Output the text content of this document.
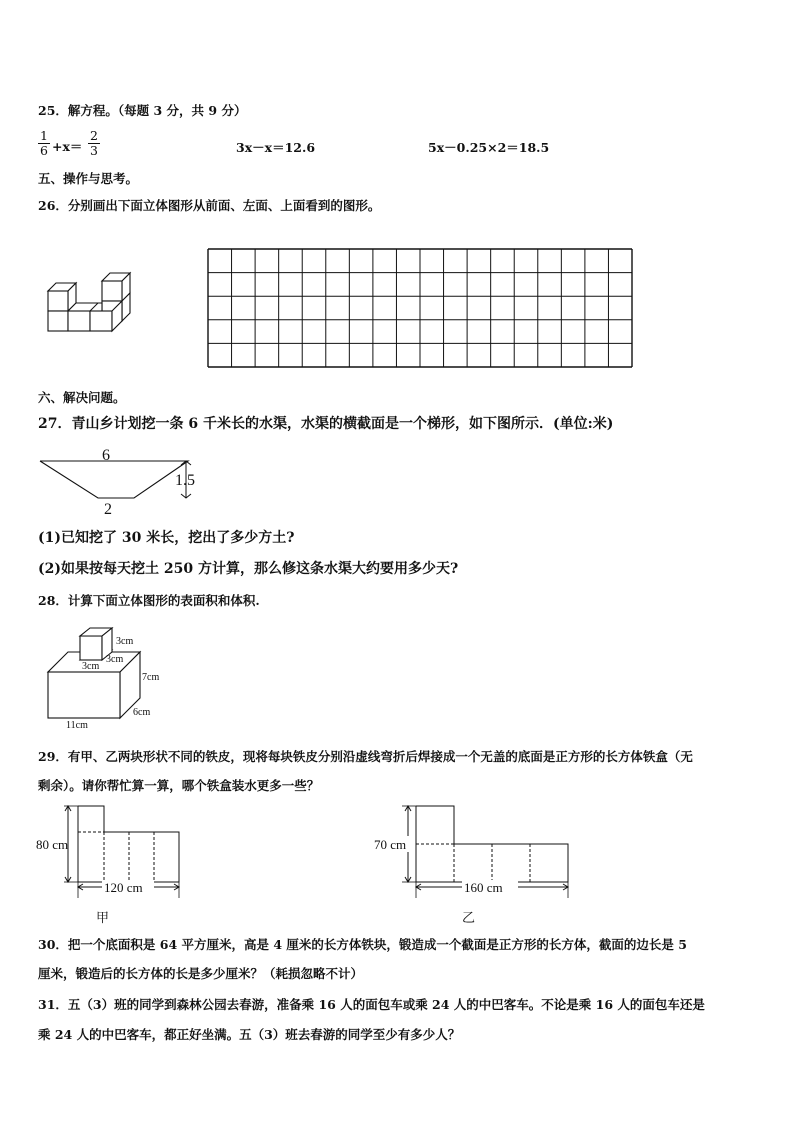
25．解方程。（每题 3 分，共 9 分）
$\frac{1}{6} +x= \frac{2}{3}$	3x－x＝12.6	5x－0.25×2＝18.5
五、操作与思考。
26．分别画出下面立体图形从前面、左面、上面看到的图形。
六、解决问题。
27．青山乡计划挖一条 6 千米长的水渠，水渠的横截面是一个梯形，如下图所示．(单位:米)
6
1.5
2
(1)已知挖了 30 米长，挖出了多少方土?
(2)如果按每天挖土 250 方计算，那么修这条水渠大约要用多少天?
28．计算下面立体图形的表面积和体积.
3cm
3cm
3cm
7cm
6cm
11cm
29．有甲、乙两块形状不同的铁皮，现将每块铁皮分别沿虚线弯折后焊接成一个无盖的底面是正方形的长方体铁盒（无
剩余）。请你帮忙算一算，哪个铁盒装水更多一些？
80 cm
120 cm
甲
70 cm
160 cm
乙
30．把一个底面积是 64 平方厘米，高是 4 厘米的长方体铁块，锻造成一个截面是正方形的长方体，截面的边长是 5
厘米，锻造后的长方体的长是多少厘米？（耗损忽略不计）
31．五（3）班的同学到森林公园去春游，准备乘 16 人的面包车或乘 24 人的中巴客车。不论是乘 16 人的面包车还是
乘 24 人的中巴客车，都正好坐满。五（3）班去春游的同学至少有多少人？
